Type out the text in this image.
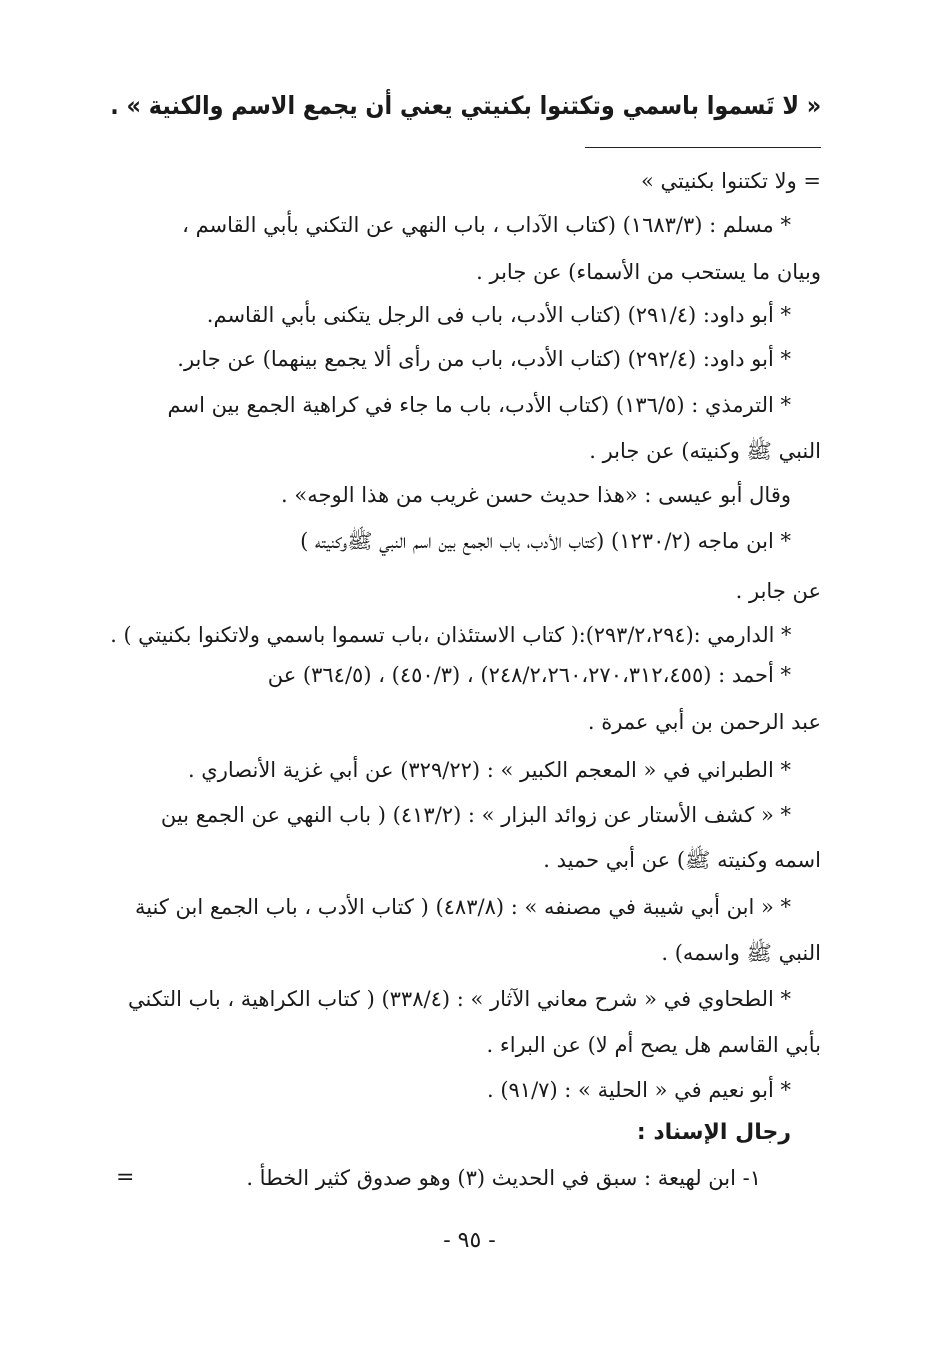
« لا تَسموا باسمي وتكتنوا بكنيتي يعني أن يجمع الاسم والكنية » .
= ولا تكتنوا بكنيتي »
* مسلم : (١٦٨٣/٣) (كتاب الآداب ، باب النهي عن التكني بأبي القاسم ،
وبيان ما يستحب من الأسماء) عن جابر .
* أبو داود: (٢٩١/٤) (كتاب الأدب، باب فى الرجل يتكنى بأبي القاسم.
* أبو داود: (٢٩٢/٤) (كتاب الأدب، باب من رأى ألا يجمع بينهما) عن جابر.
* الترمذي : (١٣٦/٥) (كتاب الأدب، باب ما جاء في كراهية الجمع بين اسم
النبي ﷺ وكنيته) عن جابر .
وقال أبو عيسى : «هذا حديث حسن غريب من هذا الوجه» .
* ابن ماجه (١٢٣٠/٢) (كتاب الأدب، باب الجمع بين اسم النبي ﷺوكنيته )
عن جابر .
* الدارمي :(٢٩٣/٢،٢٩٤):( كتاب الاستئذان ،باب تسموا باسمي ولاتكنوا بكنيتي ) .
* أحمد : (٢٤٨/٢،٢٦٠،٢٧٠،٣١٢،٤٥٥) ، (٤٥٠/٣) ، (٣٦٤/٥) عن
عبد الرحمن بن أبي عمرة .
* الطبراني في « المعجم الكبير » : (٣٢٩/٢٢) عن أبي غزية الأنصاري .
* « كشف الأستار عن زوائد البزار » : (٤١٣/٢) ( باب النهي عن الجمع بين
اسمه وكنيته ﷺ) عن أبي حميد .
* « ابن أبي شيبة في مصنفه » : (٤٨٣/٨) ( كتاب الأدب ، باب الجمع ابن كنية
النبي ﷺ واسمه) .
* الطحاوي في « شرح معاني الآثار » : (٣٣٨/٤) ( كتاب الكراهية ، باب التكني
بأبي القاسم هل يصح أم لا) عن البراء .
* أبو نعيم في « الحلية » : (٩١/٧) .
رجال الإسناد :
١- ابن لهيعة : سبق في الحديث (٣) وهو صدوق كثير الخطأ .
=
- ٩٥ -
